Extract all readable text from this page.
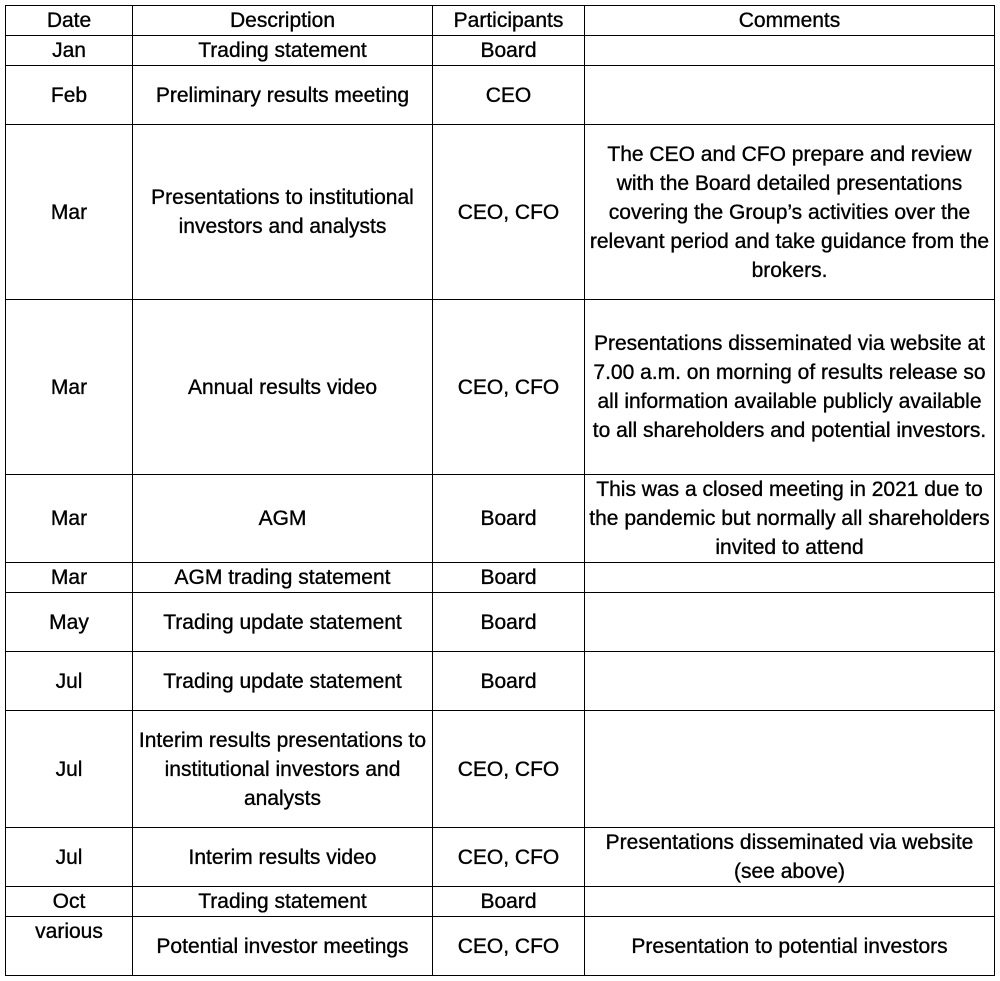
Date	Description	Participants	Comments
Jan	Trading statement	Board	
Feb	Preliminary results meeting	CEO	
Mar	Presentations to institutional investors and analysts	CEO, CFO	The CEO and CFO prepare and review with the Board detailed presentations covering the Group’s activities over the relevant period and take guidance from the brokers.
Mar	Annual results video	CEO, CFO	Presentations disseminated via website at 7.00 a.m. on morning of results release so all information available publicly available to all shareholders and potential investors.
Mar	AGM	Board	This was a closed meeting in 2021 due to the pandemic but normally all shareholders invited to attend
Mar	AGM trading statement	Board	
May	Trading update statement	Board	
Jul	Trading update statement	Board	
Jul	Interim results presentations to institutional investors and analysts	CEO, CFO	
Jul	Interim results video	CEO, CFO	Presentations disseminated via website (see above)
Oct	Trading statement	Board	
various	Potential investor meetings	CEO, CFO	Presentation to potential investors
